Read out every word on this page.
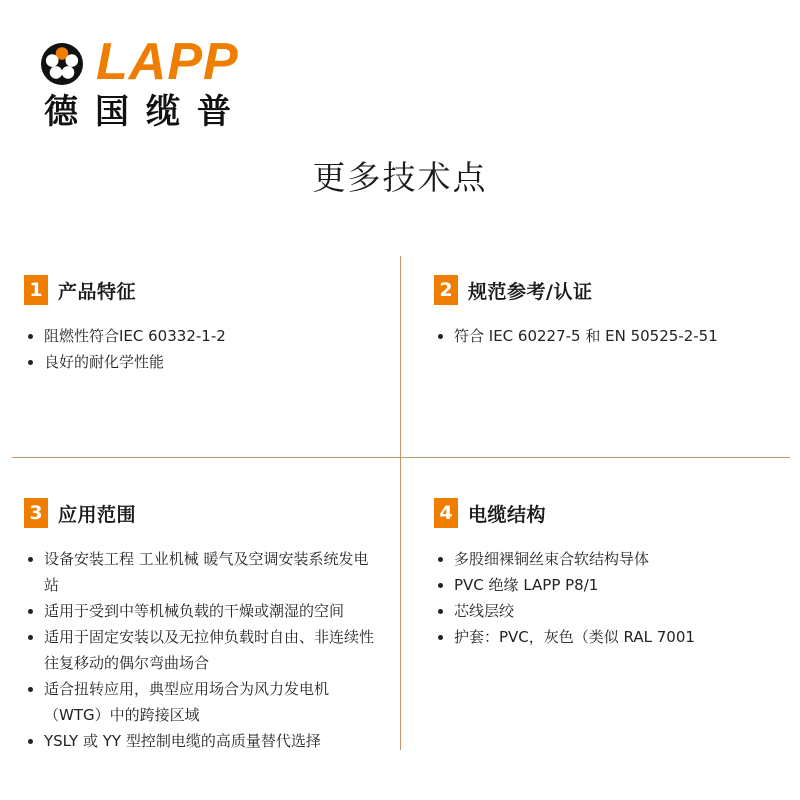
LAPP
德国缆普
更多技术点
1 产品特征
阻燃性符合IEC 60332-1-2
良好的耐化学性能
2 规范参考/认证
符合 IEC 60227-5 和 EN 50525-2-51
3 应用范围
设备安装工程 工业机械 暖气及空调安装系统发电站
适用于受到中等机械负载的干燥或潮湿的空间
适用于固定安装以及无拉伸负载时自由、非连续性往复移动的偶尔弯曲场合
适合扭转应用，典型应用场合为风力发电机（WTG）中的跨接区域
YSLY 或 YY 型控制电缆的高质量替代选择
4 电缆结构
多股细裸铜丝束合软结构导体
PVC 绝缘 LAPP P8/1
芯线层绞
护套：PVC，灰色（类似 RAL 7001
